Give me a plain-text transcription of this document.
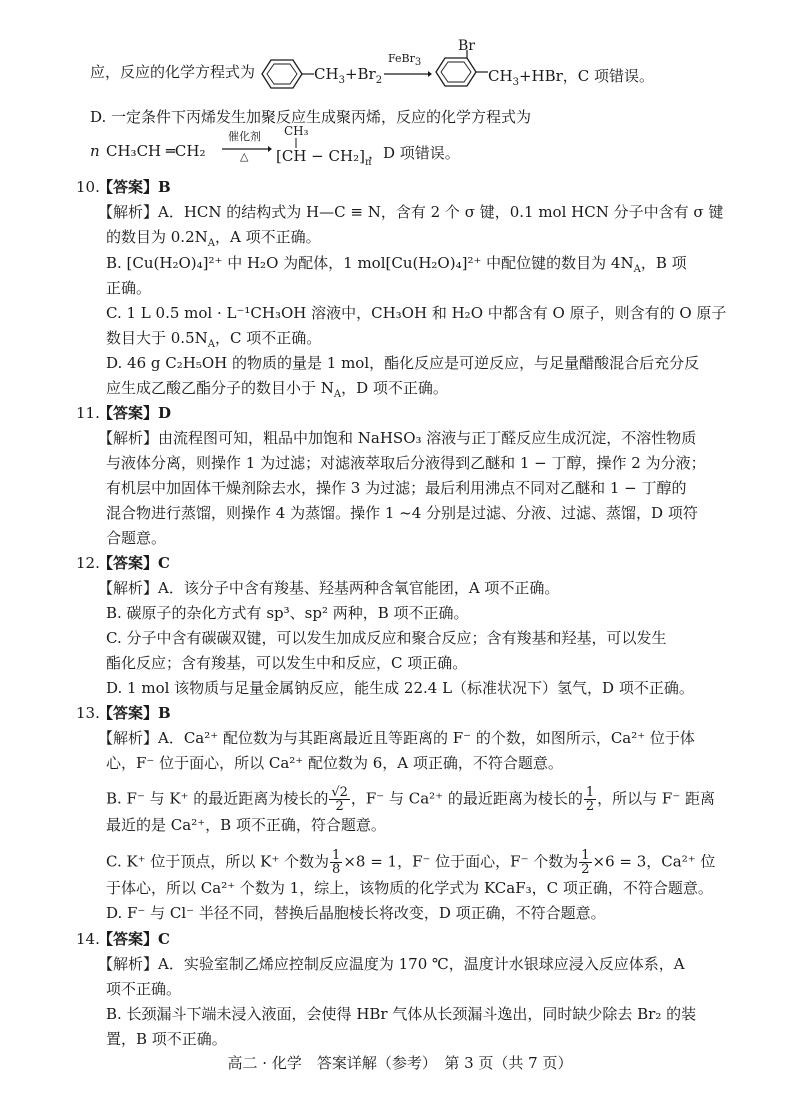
应，反应的化学方程式为	$CH_3+Br_2$
FeBr$_3$
Br
$CH_3+HBr$，C 项错误。
D. 一定条件下丙烯发生加聚反应生成聚丙烯，反应的化学方程式为
n CH₃CH ═CH₂
催化剂
△
CH₃
$[CH - CH_2]_n$
，D 项错误。
10.
【答案】B
【解析】A．HCN 的结构式为 H—C ≡ N，含有 2 个 σ 键，0.1 mol HCN 分子中含有 σ 键
的数目为 $0.2N_A$，A 项不正确。
B. [Cu(H₂O)₄]²⁺ 中 H₂O 为配体，1 mol[Cu(H₂O)₄]²⁺ 中配位键的数目为 $4N_A$，B 项
正确。
C. 1 L 0.5 mol · L⁻¹CH₃OH 溶液中，CH₃OH 和 H₂O 中都含有 O 原子，则含有的 O 原子
数目大于 $0.5N_A$，C 项不正确。
D. 46 g C₂H₅OH 的物质的量是 1 mol，酯化反应是可逆反应，与足量醋酸混合后充分反
应生成乙酸乙酯分子的数目小于 $N_A$，D 项不正确。
11.
【答案】D
【解析】由流程图可知，粗品中加饱和 NaHSO₃ 溶液与正丁醛反应生成沉淀，不溶性物质
与液体分离，则操作 1 为过滤；对滤液萃取后分液得到乙醚和 1 − 丁醇，操作 2 为分液；
有机层中加固体干燥剂除去水，操作 3 为过滤；最后利用沸点不同对乙醚和 1 − 丁醇的
混合物进行蒸馏，则操作 4 为蒸馏。操作 1 ~4 分别是过滤、分液、过滤、蒸馏，D 项符
合题意。
12.
【答案】C
【解析】A．该分子中含有羧基、羟基两种含氧官能团，A 项不正确。
B. 碳原子的杂化方式有 sp³、sp² 两种，B 项不正确。
C. 分子中含有碳碳双键，可以发生加成反应和聚合反应；含有羧基和羟基，可以发生
酯化反应；含有羧基，可以发生中和反应，C 项正确。
D. 1 mol 该物质与足量金属钠反应，能生成 22.4 L（标准状况下）氢气，D 项不正确。
13.
【答案】B
【解析】A．Ca²⁺ 配位数为与其距离最近且等距离的 F⁻ 的个数，如图所示，Ca²⁺ 位于体
心，F⁻ 位于面心，所以 Ca²⁺ 配位数为 6，A 项正确，不符合题意。
B. F⁻ 与 K⁺ 的最近距离为棱长的 $\frac{√2}{2}$ ，F⁻ 与 Ca²⁺ 的最近距离为棱长的 $\frac{1}{2}$ ，所以与 F⁻ 距离
最近的是 Ca²⁺，B 项不正确，符合题意。
C. K⁺ 位于顶点，所以 K⁺ 个数为 $\frac{1}{8} \times 8 = 1$，F⁻ 位于面心，F⁻ 个数为 $\frac{1}{2} \times 6 = 3$，Ca²⁺ 位
于体心，所以 Ca²⁺ 个数为 1，综上，该物质的化学式为 KCaF₃，C 项正确，不符合题意。
D. F⁻ 与 Cl⁻ 半径不同，替换后晶胞棱长将改变，D 项正确，不符合题意。
14.
【答案】C
【解析】A．实验室制乙烯应控制反应温度为 170 ℃，温度计水银球应浸入反应体系，A
项不正确。
B. 长颈漏斗下端未浸入液面，会使得 HBr 气体从长颈漏斗逸出，同时缺少除去 Br₂ 的装
置，B 项不正确。
高二 · 化学　答案详解（参考）　第 3 页（共 7 页）
